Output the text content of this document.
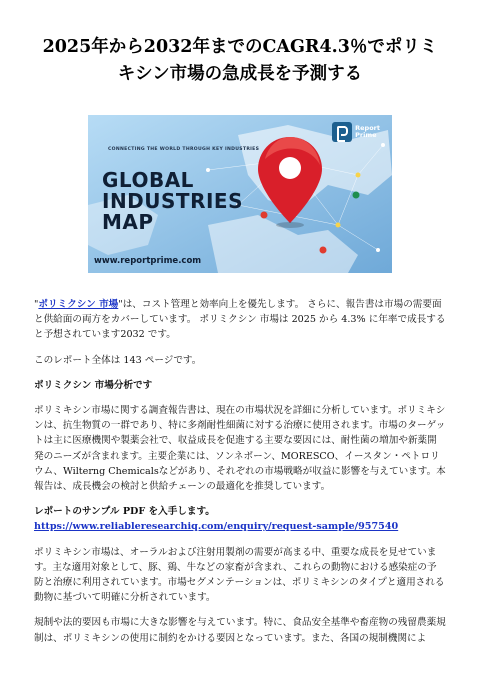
2025年から2032年までのCAGR4.3％でポリミキシン市場の急成長を予測する
CONNECTING THE WORLD THROUGH KEY INDUSTRIES
GLOBAL
INDUSTRIES
MAP
www.reportprime.com
Report
Prime

"ポリミクシン 市場"は、コスト管理と効率向上を優先します。 さらに、報告書は市場の需要面と供給面の両方をカバーしています。 ポリミクシン 市場は 2025 から 4.3% に年率で成長すると予想されています2032 です。

このレポート全体は 143 ページです。

ポリミクシン 市場分析です

ポリミキシン市場に関する調査報告書は、現在の市場状況を詳細に分析しています。ポリミキシンは、抗生物質の一群であり、特に多剤耐性細菌に対する治療に使用されます。市場のターゲットは主に医療機関や製薬会社で、収益成長を促進する主要な要因には、耐性菌の増加や新薬開発のニーズが含まれます。主要企業には、ソンネボーン、MORESCO、イースタン・ペトロリウム、Wilterng Chemicalsなどがあり、それぞれの市場戦略が収益に影響を与えています。本報告は、成長機会の検討と供給チェーンの最適化を推奨しています。

レポートのサンプル PDF を入手します。  https://www.reliableresearchiq.com/enquiry/request-sample/957540

ポリミキシン市場は、オーラルおよび注射用製剤の需要が高まる中、重要な成長を見せています。主な適用対象として、豚、鶏、牛などの家畜が含まれ、これらの動物における感染症の予防と治療に利用されています。市場セグメンテーションは、ポリミキシンのタイプと適用される動物に基づいて明確に分析されています。

規制や法的要因も市場に大きな影響を与えています。特に、食品安全基準や畜産物の残留農薬規制は、ポリミキシンの使用に制約をかける要因となっています。また、各国の規制機関によ
